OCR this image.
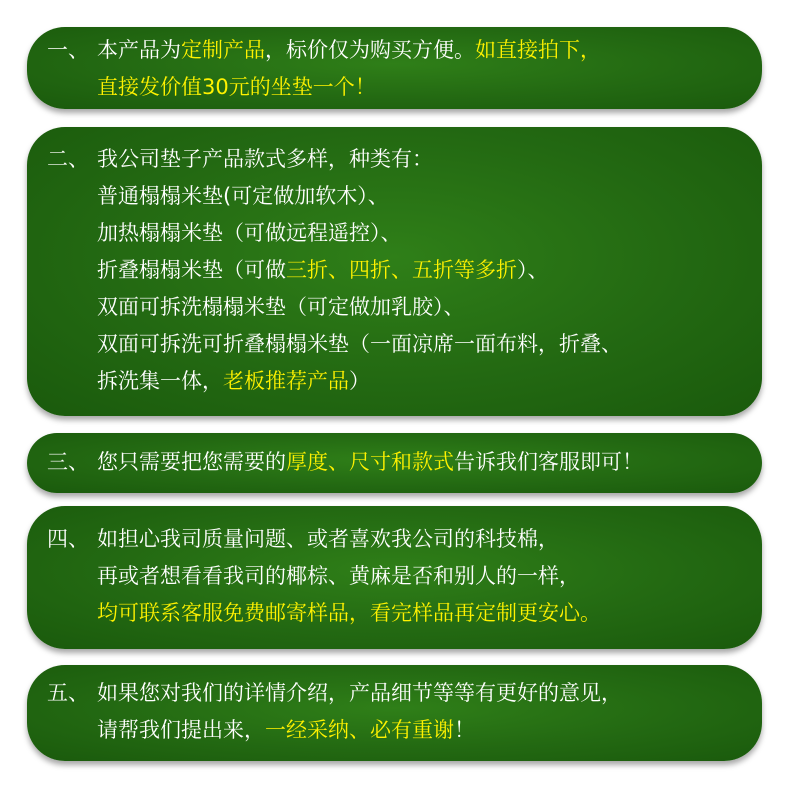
一、 本产品为定制产品，标价仅为购买方便。如直接拍下，
直接发价值30元的坐垫一个！
二、 我公司垫子产品款式多样，种类有：
普通榻榻米垫(可定做加软木）、
加热榻榻米垫（可做远程遥控）、
折叠榻榻米垫（可做三折、四折、五折等多折）、
双面可拆洗榻榻米垫（可定做加乳胶）、
双面可拆洗可折叠榻榻米垫（一面凉席一面布料，折叠、
拆洗集一体，老板推荐产品）
三、 您只需要把您需要的厚度、尺寸和款式告诉我们客服即可！
四、 如担心我司质量问题、或者喜欢我公司的科技棉，
再或者想看看我司的椰棕、黄麻是否和别人的一样，
均可联系客服免费邮寄样品，看完样品再定制更安心。
五、 如果您对我们的详情介绍，产品细节等等有更好的意见，
请帮我们提出来，一经采纳、必有重谢！
